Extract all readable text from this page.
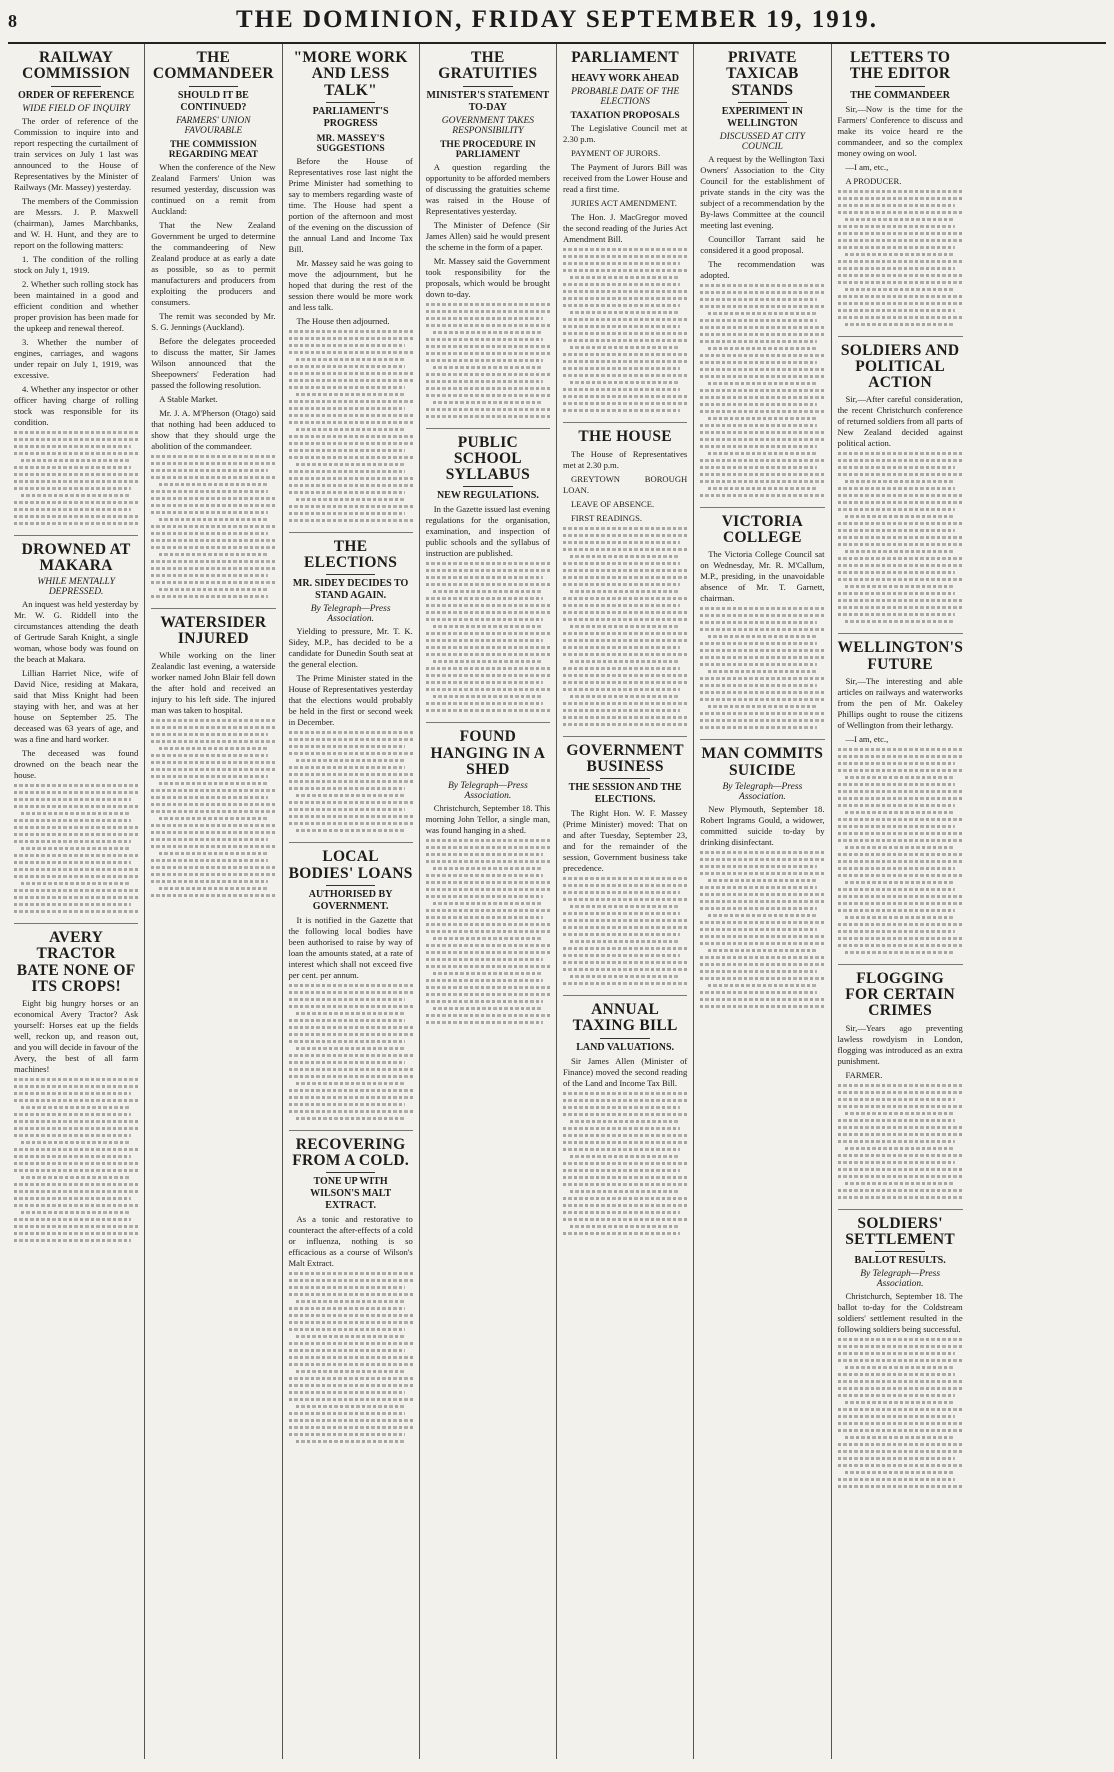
8	THE DOMINION, FRIDAY SEPTEMBER 19, 1919.
RAILWAY COMMISSION
ORDER OF REFERENCE
WIDE FIELD OF INQUIRY

The order of reference of the Commission to inquire into and report respecting the curtailment of train services on July 1 last was announced to the House of Representatives by the Minister of Railways (Mr. Massey) yesterday.

The members of the Commission are Messrs. J. P. Maxwell (chairman), James Marchbanks, and W. H. Hunt, and they are to report on the following matters:

1. The condition of the rolling stock on July 1, 1919.

2. Whether such rolling stock has been maintained in a good and efficient condition and whether proper provision has been made for the upkeep and renewal thereof.

3. Whether the number of engines, carriages, and wagons under repair on July 1, 1919, was excessive.

4. Whether any inspector or other officer having charge of rolling stock was responsible for its condition.

DROWNED AT MAKARA
WHILE MENTALLY DEPRESSED.

An inquest was held yesterday by Mr. W. G. Riddell into the circumstances attending the death of Gertrude Sarah Knight, a single woman, whose body was found on the beach at Makara.

Lillian Harriet Nice, wife of David Nice, residing at Makara, said that Miss Knight had been staying with her, and was at her house on September 25. The deceased was 63 years of age, and was a fine and hard worker.

The deceased was found drowned on the beach near the house.

AVERY TRACTOR BATE NONE OF ITS CROPS!

Eight big hungry horses or an economical Avery Tractor? Ask yourself: Horses eat up the fields well, reckon up, and reason out, and you will decide in favour of the Avery, the best of all farm machines!

THE COMMANDEER
SHOULD IT BE CONTINUED?
FARMERS' UNION FAVOURABLE
THE COMMISSION REGARDING MEAT

When the conference of the New Zealand Farmers' Union was resumed yesterday, discussion was continued on a remit from Auckland:

That the New Zealand Government be urged to determine the commandeering of New Zealand produce at as early a date as possible, so as to permit manufacturers and producers from exploiting the producers and consumers.

The remit was seconded by Mr. S. G. Jennings (Auckland).

Before the delegates proceeded to discuss the matter, Sir James Wilson announced that the Sheepowners' Federation had passed the following resolution.

A Stable Market.

Mr. J. A. M'Pherson (Otago) said that nothing had been adduced to show that they should urge the abolition of the commandeer.

WATERSIDER INJURED

While working on the liner Zealandic last evening, a waterside worker named John Blair fell down the after hold and received an injury to his left side. The injured man was taken to hospital.

"MORE WORK AND LESS TALK"
PARLIAMENT'S PROGRESS
MR. MASSEY'S SUGGESTIONS

Before the House of Representatives rose last night the Prime Minister had something to say to members regarding waste of time. The House had spent a portion of the afternoon and most of the evening on the discussion of the annual Land and Income Tax Bill.

Mr. Massey said he was going to move the adjournment, but he hoped that during the rest of the session there would be more work and less talk.

The House then adjourned.

THE ELECTIONS
MR. SIDEY DECIDES TO STAND AGAIN.
By Telegraph—Press Association.

Yielding to pressure, Mr. T. K. Sidey, M.P., has decided to be a candidate for Dunedin South seat at the general election.

The Prime Minister stated in the House of Representatives yesterday that the elections would probably be held in the first or second week in December.

LOCAL BODIES' LOANS
AUTHORISED BY GOVERNMENT.

It is notified in the Gazette that the following local bodies have been authorised to raise by way of loan the amounts stated, at a rate of interest which shall not exceed five per cent. per annum.

RECOVERING FROM A COLD.
TONE UP WITH WILSON'S MALT EXTRACT.

As a tonic and restorative to counteract the after-effects of a cold or influenza, nothing is so efficacious as a course of Wilson's Malt Extract.

THE GRATUITIES
MINISTER'S STATEMENT TO-DAY
GOVERNMENT TAKES RESPONSIBILITY
THE PROCEDURE IN PARLIAMENT

A question regarding the opportunity to be afforded members of discussing the gratuities scheme was raised in the House of Representatives yesterday.

The Minister of Defence (Sir James Allen) said he would present the scheme in the form of a paper.

Mr. Massey said the Government took responsibility for the proposals, which would be brought down to-day.

PUBLIC SCHOOL SYLLABUS
NEW REGULATIONS.

In the Gazette issued last evening regulations for the organisation, examination, and inspection of public schools and the syllabus of instruction are published.

FOUND HANGING IN A SHED
By Telegraph—Press Association.

Christchurch, September 18. This morning John Tellor, a single man, was found hanging in a shed.

PARLIAMENT
HEAVY WORK AHEAD
PROBABLE DATE OF THE ELECTIONS
TAXATION PROPOSALS

The Legislative Council met at 2.30 p.m.

PAYMENT OF JURORS.

The Payment of Jurors Bill was received from the Lower House and read a first time.

JURIES ACT AMENDMENT.

The Hon. J. MacGregor moved the second reading of the Juries Act Amendment Bill.

THE HOUSE

The House of Representatives met at 2.30 p.m.

GREYTOWN BOROUGH LOAN.

LEAVE OF ABSENCE.

FIRST READINGS.

GOVERNMENT BUSINESS
THE SESSION AND THE ELECTIONS.

The Right Hon. W. F. Massey (Prime Minister) moved: That on and after Tuesday, September 23, and for the remainder of the session, Government business take precedence.

ANNUAL TAXING BILL
LAND VALUATIONS.

Sir James Allen (Minister of Finance) moved the second reading of the Land and Income Tax Bill.

PRIVATE TAXICAB STANDS
EXPERIMENT IN WELLINGTON
DISCUSSED AT CITY COUNCIL

A request by the Wellington Taxi Owners' Association to the City Council for the establishment of private stands in the city was the subject of a recommendation by the By-laws Committee at the council meeting last evening.

Councillor Tarrant said he considered it a good proposal.

The recommendation was adopted.

VICTORIA COLLEGE

The Victoria College Council sat on Wednesday, Mr. R. M'Callum, M.P., presiding, in the unavoidable absence of Mr. T. Garnett, chairman.

MAN COMMITS SUICIDE
By Telegraph—Press Association.

New Plymouth, September 18. Robert Ingrams Gould, a widower, committed suicide to-day by drinking disinfectant.

LETTERS TO THE EDITOR
THE COMMANDEER

Sir,—Now is the time for the Farmers' Conference to discuss and make its voice heard re the commandeer, and so the complex money owing on wool.

—I am, etc.,

A PRODUCER.

SOLDIERS AND POLITICAL ACTION

Sir,—After careful consideration, the recent Christchurch conference of returned soldiers from all parts of New Zealand decided against political action.

WELLINGTON'S FUTURE

Sir,—The interesting and able articles on railways and waterworks from the pen of Mr. Oakeley Phillips ought to rouse the citizens of Wellington from their lethargy.

—I am, etc.,

FLOGGING FOR CERTAIN CRIMES

Sir,—Years ago preventing lawless rowdyism in London, flogging was introduced as an extra punishment.

FARMER.

SOLDIERS' SETTLEMENT
BALLOT RESULTS.
By Telegraph—Press Association.

Christchurch, September 18. The ballot to-day for the Coldstream soldiers' settlement resulted in the following soldiers being successful.
